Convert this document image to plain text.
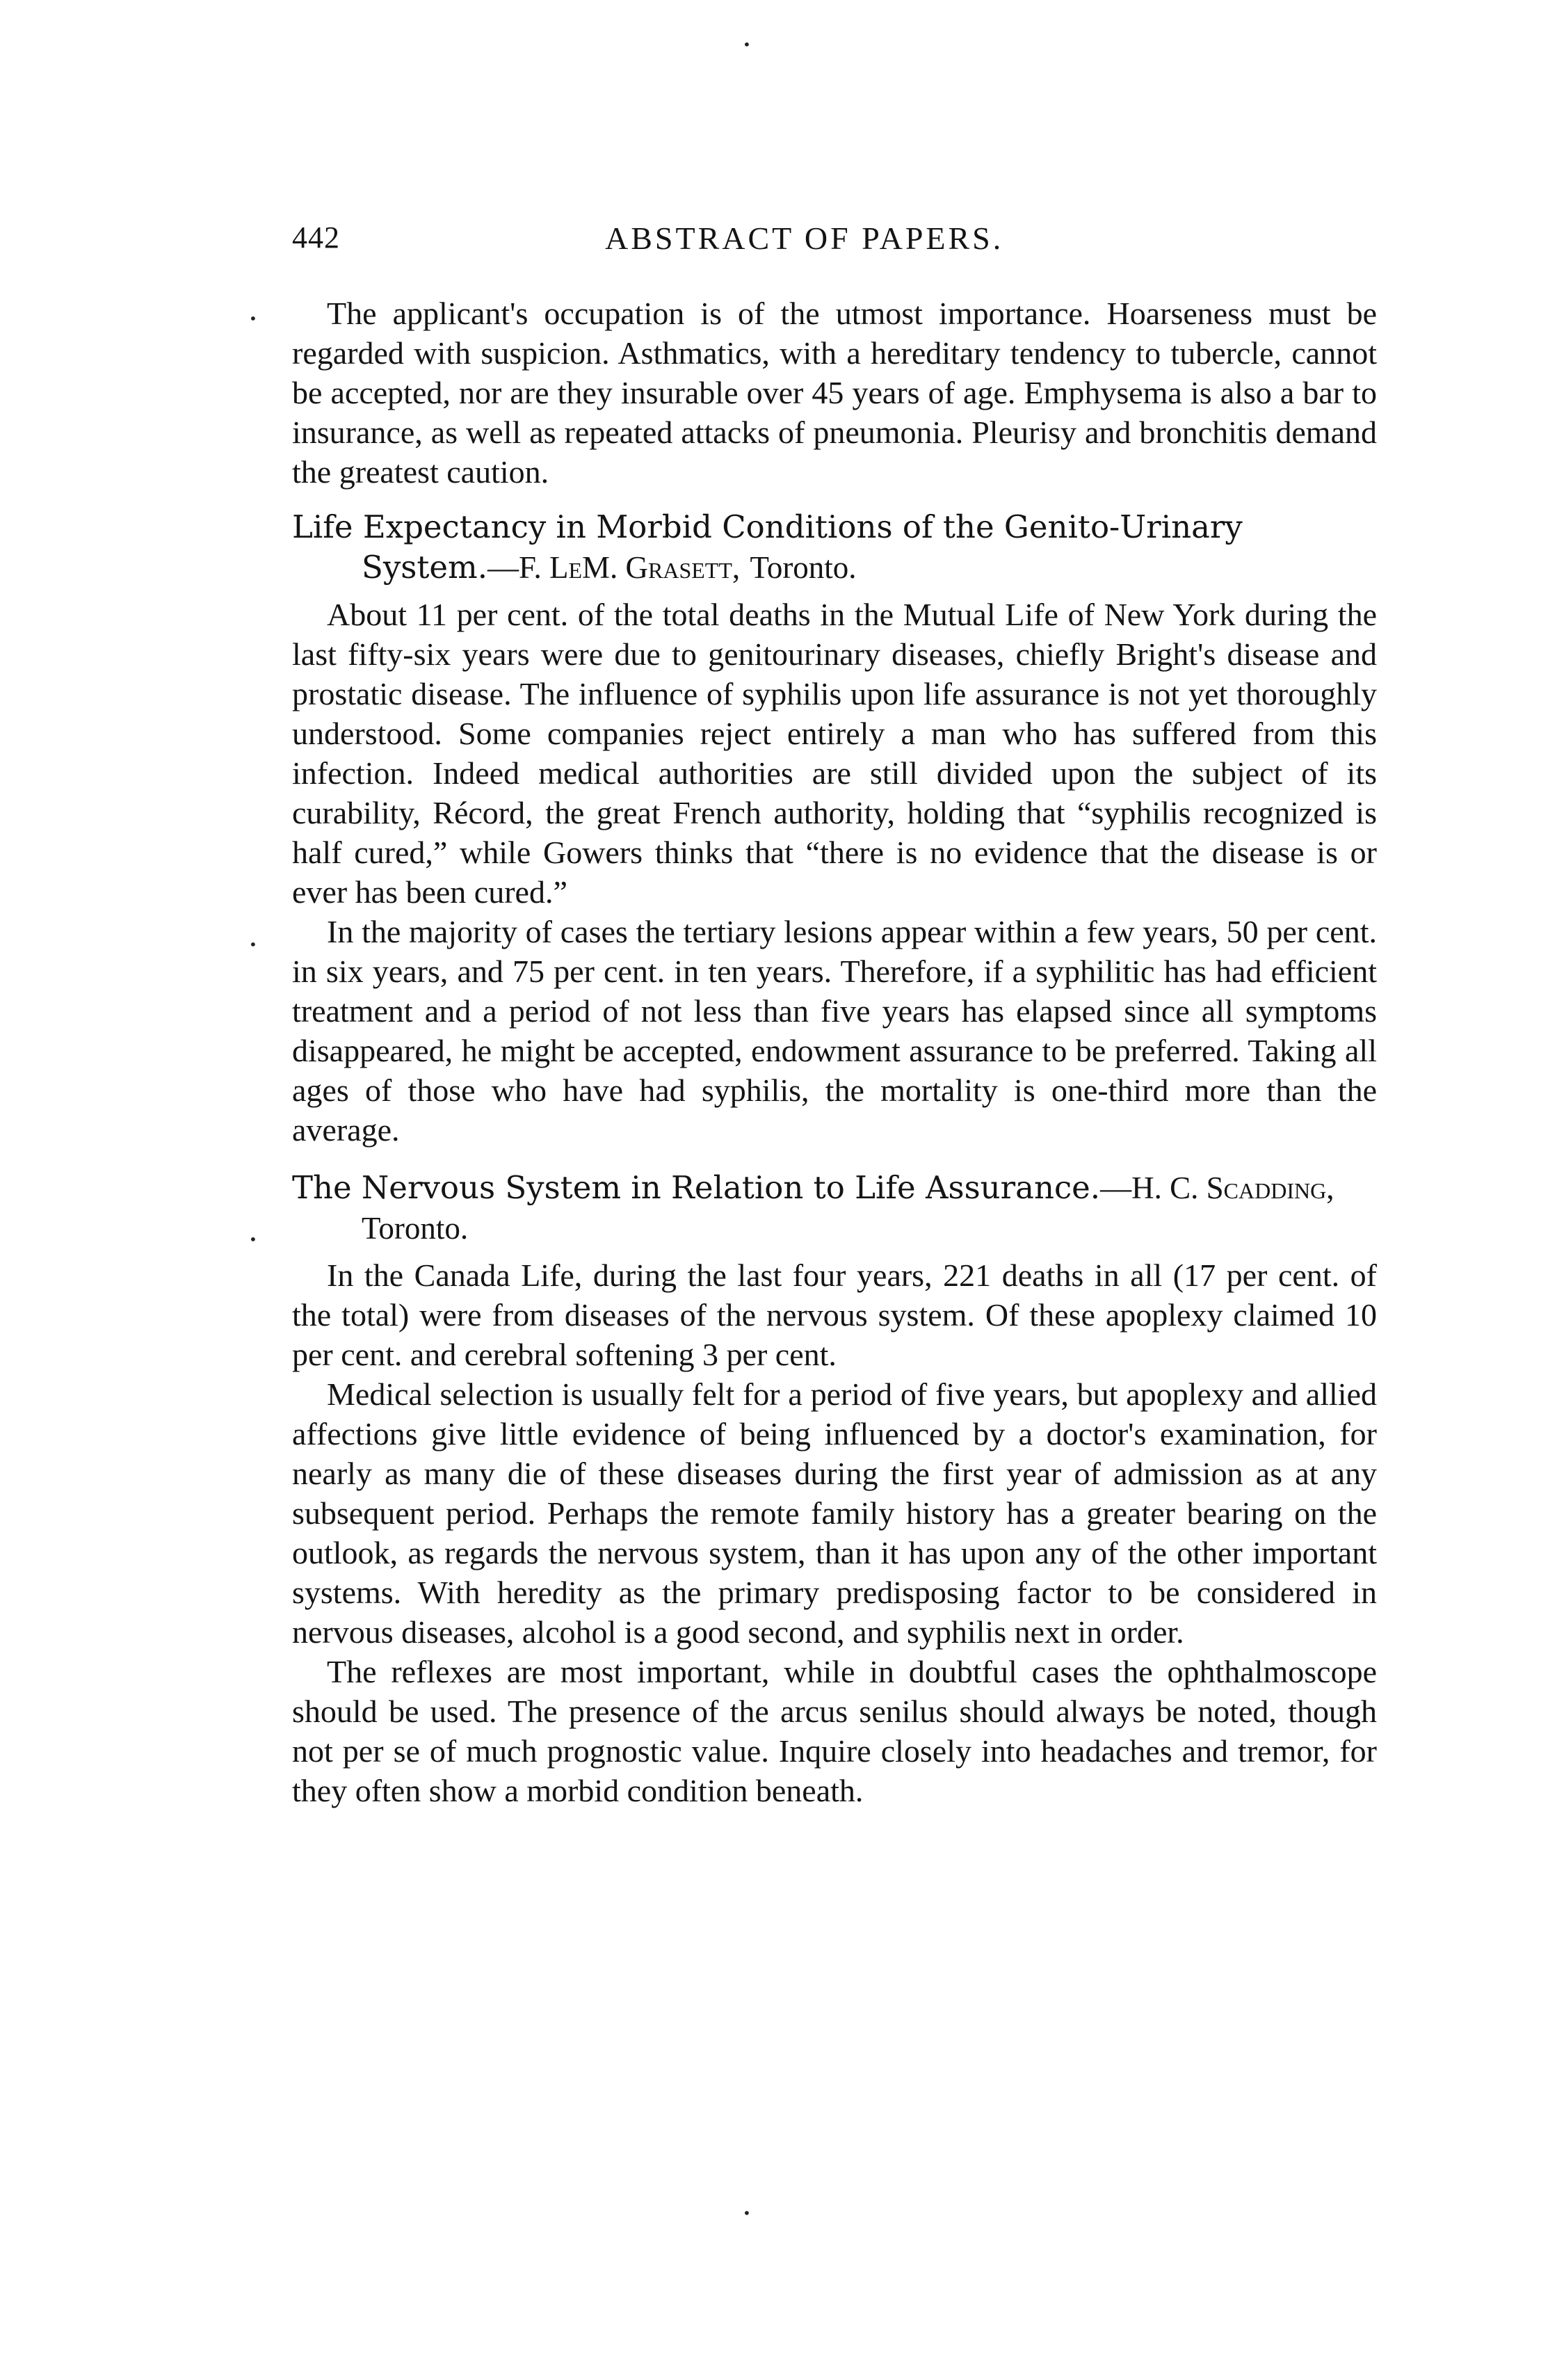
•
442	ABSTRACT OF PAPERS.
•
•
•

The applicant's occupation is of the utmost importance. Hoarseness must be regarded with suspicion. Asthmatics, with a hereditary tendency to tubercle, cannot be accepted, nor are they insurable over 45 years of age. Emphysema is also a bar to insurance, as well as repeated attacks of pneumonia. Pleurisy and bronchitis demand the greatest caution.

Life Expectancy in Morbid Conditions of the Genito-Urinary System.—F. LeM. Grasett, Toronto.

About 11 per cent. of the total deaths in the Mutual Life of New York during the last fifty-six years were due to genitourinary diseases, chiefly Bright's disease and prostatic disease. The influence of syphilis upon life assurance is not yet thoroughly understood. Some companies reject entirely a man who has suffered from this infection. Indeed medical authorities are still divided upon the subject of its curability, Récord, the great French authority, holding that “syphilis recognized is half cured,” while Gowers thinks that “there is no evidence that the disease is or ever has been cured.”

In the majority of cases the tertiary lesions appear within a few years, 50 per cent. in six years, and 75 per cent. in ten years. Therefore, if a syphilitic has had efficient treatment and a period of not less than five years has elapsed since all symptoms disappeared, he might be accepted, endowment assurance to be preferred. Taking all ages of those who have had syphilis, the mortality is one-third more than the average.

The Nervous System in Relation to Life Assurance.—H. C. Scadding, Toronto.

In the Canada Life, during the last four years, 221 deaths in all (17 per cent. of the total) were from diseases of the nervous system. Of these apoplexy claimed 10 per cent. and cerebral softening 3 per cent.

Medical selection is usually felt for a period of five years, but apoplexy and allied affections give little evidence of being influenced by a doctor's examination, for nearly as many die of these diseases during the first year of admission as at any subsequent period. Perhaps the remote family history has a greater bearing on the outlook, as regards the nervous system, than it has upon any of the other important systems. With heredity as the primary predisposing factor to be considered in nervous diseases, alcohol is a good second, and syphilis next in order.

The reflexes are most important, while in doubtful cases the ophthalmoscope should be used. The presence of the arcus senilus should always be noted, though not per se of much prognostic value. Inquire closely into headaches and tremor, for they often show a morbid condition beneath.

•
